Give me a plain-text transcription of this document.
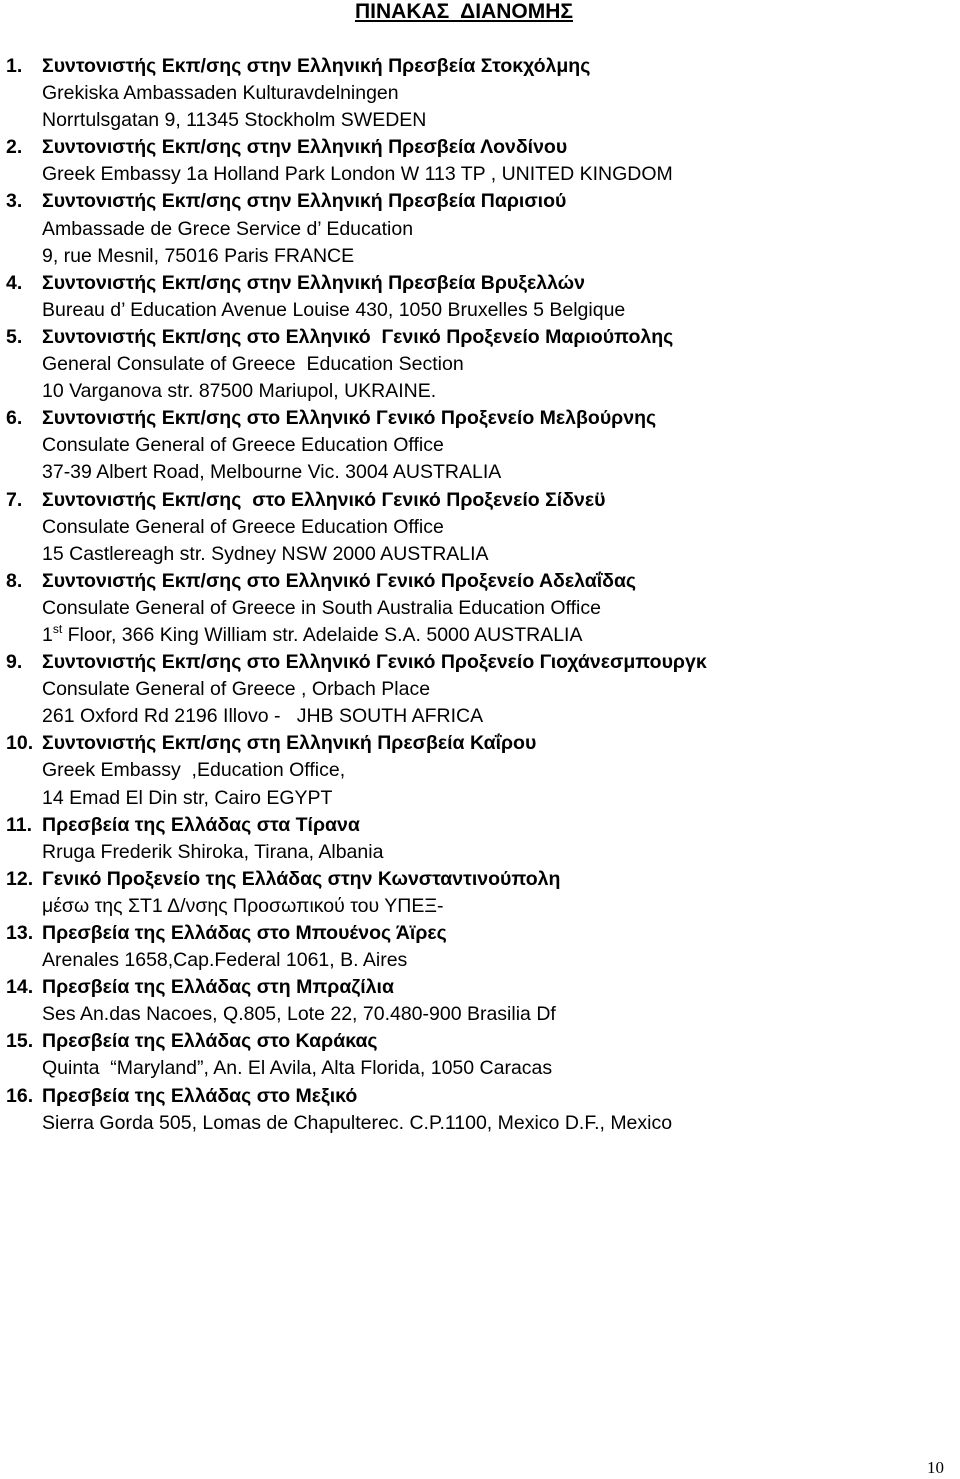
ΠΙΝΑΚΑΣ  ΔΙΑΝΟΜΗΣ
1.	Συντονιστής Εκπ/σης στην Ελληνική Πρεσβεία Στοκχόλμης
Grekiska Ambassaden Kulturavdelningen
Norrtulsgatan 9, 11345 Stockholm SWEDEN
2.	Συντονιστής Εκπ/σης στην Ελληνική Πρεσβεία Λονδίνου
Greek Embassy 1a Holland Park London W 113 TP , UNITED KINGDOM
3.	Συντονιστής Εκπ/σης στην Ελληνική Πρεσβεία Παρισιού
Ambassade de Grece Service d’ Education
9, rue Mesnil, 75016 Paris FRANCE
4.	Συντονιστής Εκπ/σης στην Ελληνική Πρεσβεία Βρυξελλών
Bureau d’ Education Avenue Louise 430, 1050 Bruxelles 5 Belgique
5.	Συντονιστής Εκπ/σης στο Ελληνικό  Γενικό Προξενείο Μαριούπολης
General Consulate of Greece  Education Section
10 Varganova str. 87500 Mariupol, UKRAINE.
6.	Συντονιστής Εκπ/σης στο Ελληνικό Γενικό Προξενείο Μελβούρνης
Consulate General of Greece Education Office
37-39 Albert Road, Melbourne Vic. 3004 AUSTRALIA
7.	Συντονιστής Εκπ/σης  στο Ελληνικό Γενικό Προξενείο Σίδνεϋ
Consulate General of Greece Education Office
15 Castlereagh str. Sydney NSW 2000 AUSTRALIA
8.	Συντονιστής Εκπ/σης στο Ελληνικό Γενικό Προξενείο Αδελαΐδας
Consulate General of Greece in South Australia Education Office
1st Floor, 366 King William str. Adelaide S.A. 5000 AUSTRALIA
9.	Συντονιστής Εκπ/σης στο Ελληνικό Γενικό Προξενείο Γιοχάνεσμπουργκ
Consulate General of Greece , Orbach Place
261 Oxford Rd 2196 Illovo -   JHB SOUTH AFRICA
10. Συντονιστής Εκπ/σης στη Ελληνική Πρεσβεία Καΐρου
Greek Embassy  ,Education Office,
14 Emad El Din str, Cairo EGYPT
11. Πρεσβεία της Ελλάδας στα Τίρανα
Rruga Frederik Shiroka, Tirana, Albania
12. Γενικό Προξενείο της Ελλάδας στην Κωνσταντινούπολη
μέσω της ΣΤ1 Δ/νσης Προσωπικού του ΥΠΕΞ-
13. Πρεσβεία της Ελλάδας στο Μπουένος Άϊρες
Arenales 1658,Cap.Federal 1061, B. Aires
14. Πρεσβεία της Ελλάδας στη Μπραζίλια
Ses An.das Nacoes, Q.805, Lote 22, 70.480-900 Brasilia Df
15. Πρεσβεία της Ελλάδας στο Καράκας
Quinta  “Maryland”, An. El Avila, Alta Florida, 1050 Caracas
16. Πρεσβεία της Ελλάδας στο Μεξικό
Sierra Gorda 505, Lomas de Chapulterec. C.P.1100, Mexico D.F., Mexico
10
